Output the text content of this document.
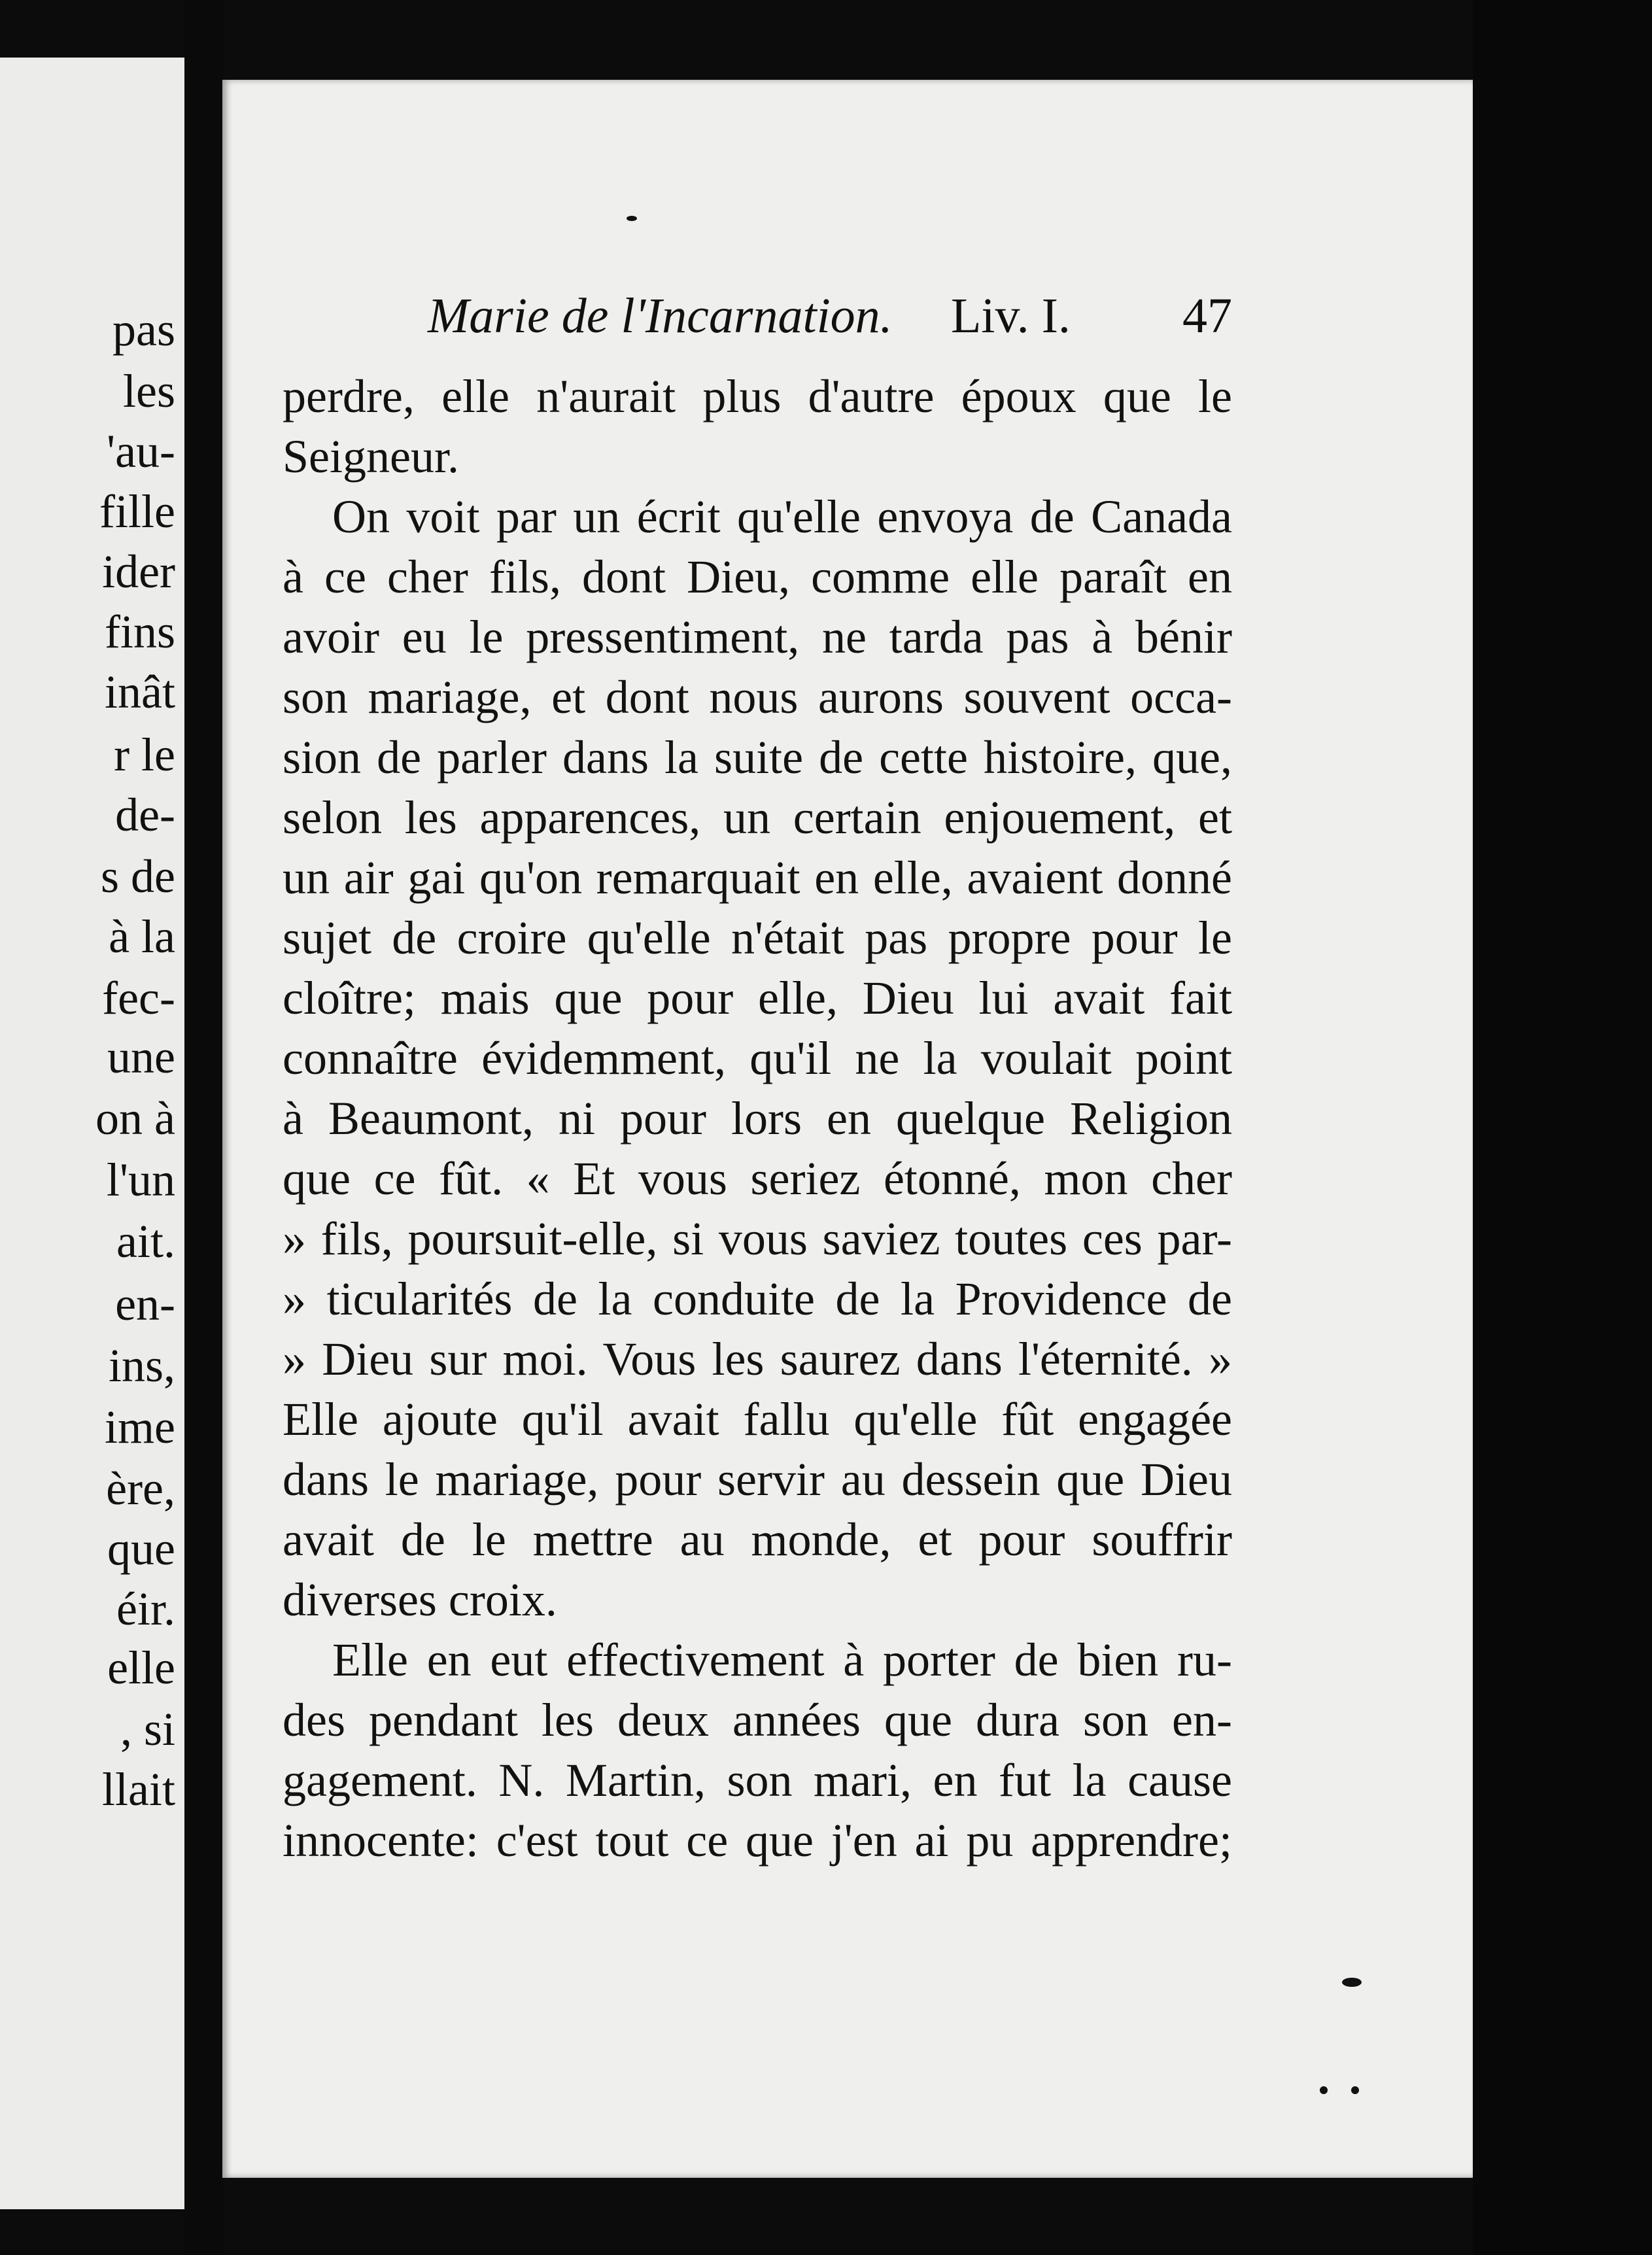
pas
les
'au-
fille
ider
fins
inât
r le
de-
s de
à la
fec-
une
on à
l'un
ait.
en-
ins,
ime
ère,
que
éir.
elle
, si
llait
Marie de l'Incarnation. Liv. I. 47
perdre, elle n'aurait plus d'autre époux que le
Seigneur.
On voit par un écrit qu'elle envoya de Canada
à ce cher fils, dont Dieu, comme elle paraît en
avoir eu le pressentiment, ne tarda pas à bénir
son mariage, et dont nous aurons souvent occa-
sion de parler dans la suite de cette histoire, que,
selon les apparences, un certain enjouement, et
un air gai qu'on remarquait en elle, avaient donné
sujet de croire qu'elle n'était pas propre pour le
cloître; mais que pour elle, Dieu lui avait fait
connaître évidemment, qu'il ne la voulait point
à Beaumont, ni pour lors en quelque Religion
que ce fût. « Et vous seriez étonné, mon cher
» fils, poursuit-elle, si vous saviez toutes ces par-
» ticularités de la conduite de la Providence de
» Dieu sur moi. Vous les saurez dans l'éternité. »
Elle ajoute qu'il avait fallu qu'elle fût engagée
dans le mariage, pour servir au dessein que Dieu
avait de le mettre au monde, et pour souffrir
diverses croix.
Elle en eut effectivement à porter de bien ru-
des pendant les deux années que dura son en-
gagement. N. Martin, son mari, en fut la cause
innocente: c'est tout ce que j'en ai pu apprendre;
